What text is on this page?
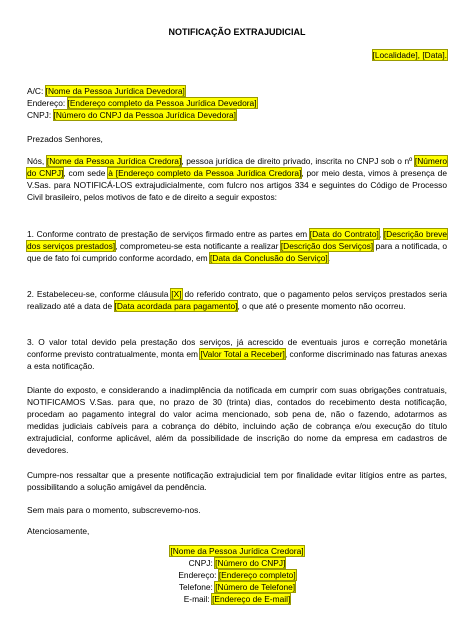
NOTIFICAÇÃO EXTRAJUDICIAL
[Localidade], [Data].
A/C: [Nome da Pessoa Jurídica Devedora]
Endereço: [Endereço completo da Pessoa Jurídica Devedora]
CNPJ: [Número do CNPJ da Pessoa Jurídica Devedora]

Prezados Senhores,

Nós, [Nome da Pessoa Jurídica Credora], pessoa jurídica de direito privado, inscrita no CNPJ sob o nº [Número do CNPJ], com sede à [Endereço completo da Pessoa Jurídica Credora], por meio desta, vimos à presença de V.Sas. para NOTIFICÁ-LOS extrajudicialmente, com fulcro nos artigos 334 e seguintes do Código de Processo Civil brasileiro, pelos motivos de fato e de direito a seguir expostos:

1. Conforme contrato de prestação de serviços firmado entre as partes em [Data do Contrato], [Descrição breve dos serviços prestados], comprometeu-se esta notificante a realizar [Descrição dos Serviços] para a notificada, o que de fato foi cumprido conforme acordado, em [Data da Conclusão do Serviço].

2. Estabeleceu-se, conforme cláusula [X] do referido contrato, que o pagamento pelos serviços prestados seria realizado até a data de [Data acordada para pagamento], o que até o presente momento não ocorreu.

3. O valor total devido pela prestação dos serviços, já acrescido de eventuais juros e correção monetária conforme previsto contratualmente, monta em [Valor Total a Receber], conforme discriminado nas faturas anexas a esta notificação.

Diante do exposto, e considerando a inadimplência da notificada em cumprir com suas obrigações contratuais, NOTIFICAMOS V.Sas. para que, no prazo de 30 (trinta) dias, contados do recebimento desta notificação, procedam ao pagamento integral do valor acima mencionado, sob pena de, não o fazendo, adotarmos as medidas judiciais cabíveis para a cobrança do débito, incluindo ação de cobrança e/ou execução do título extrajudicial, conforme aplicável, além da possibilidade de inscrição do nome da empresa em cadastros de devedores.

Cumpre-nos ressaltar que a presente notificação extrajudicial tem por finalidade evitar litígios entre as partes, possibilitando a solução amigável da pendência.

Sem mais para o momento, subscrevemo-nos.

Atenciosamente,

[Nome da Pessoa Jurídica Credora]
CNPJ: [Número do CNPJ]
Endereço: [Endereço completo]
Telefone: [Número de Telefone]
E-mail: [Endereço de E-mail]
